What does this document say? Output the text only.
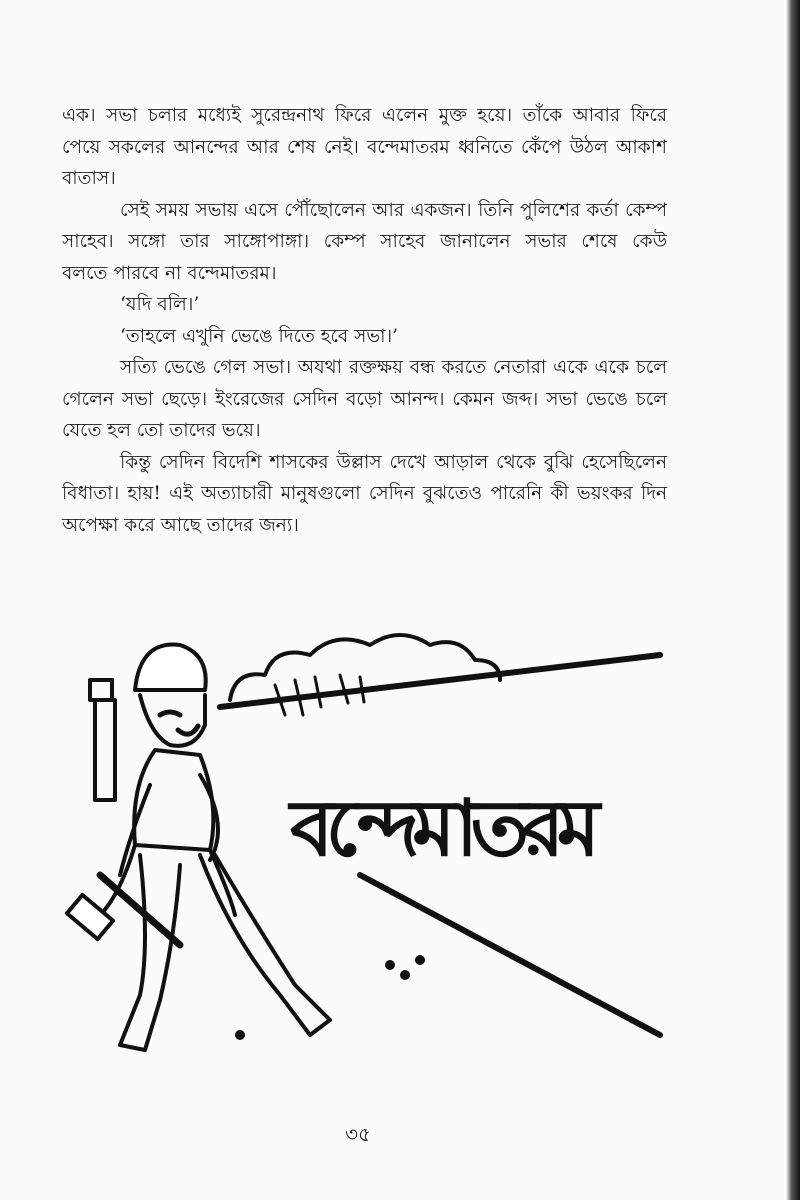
এক। সভা চলার মধ্যেই সুরেন্দ্রনাথ ফিরে এলেন মুক্ত হয়ে। তাঁকে আবার ফিরে
পেয়ে সকলের আনন্দের আর শেষ নেই। বন্দেমাতরম ধ্বনিতে কেঁপে উঠল আকাশ
বাতাস।
সেই সময় সভায় এসে পৌঁছোলেন আর একজন। তিনি পুলিশের কর্তা কেম্প
সাহেব। সঙ্গো তার সাঙ্গোপাঙ্গা। কেম্প সাহেব জানালেন সভার শেষে কেউ
বলতে পারবে না বন্দেমাতরম।
‘যদি বলি।’
‘তাহলে এখুনি ভেঙে দিতে হবে সভা।’
সত্যি ভেঙে গেল সভা। অযথা রক্তক্ষয় বন্ধ করতে নেতারা একে একে চলে
গেলেন সভা ছেড়ে। ইংরেজের সেদিন বড়ো আনন্দ। কেমন জব্দ। সভা ভেঙে চলে
যেতে হল তো তাদের ভয়ে।
কিন্তু সেদিন বিদেশি শাসকের উল্লাস দেখে আড়াল থেকে বুঝি হেসেছিলেন
বিধাতা। হায়! এই অত্যাচারী মানুষগুলো সেদিন বুঝতেও পারেনি কী ভয়ংকর দিন
অপেক্ষা করে আছে তাদের জন্য।
বন্দেমাতরম
৩৫
